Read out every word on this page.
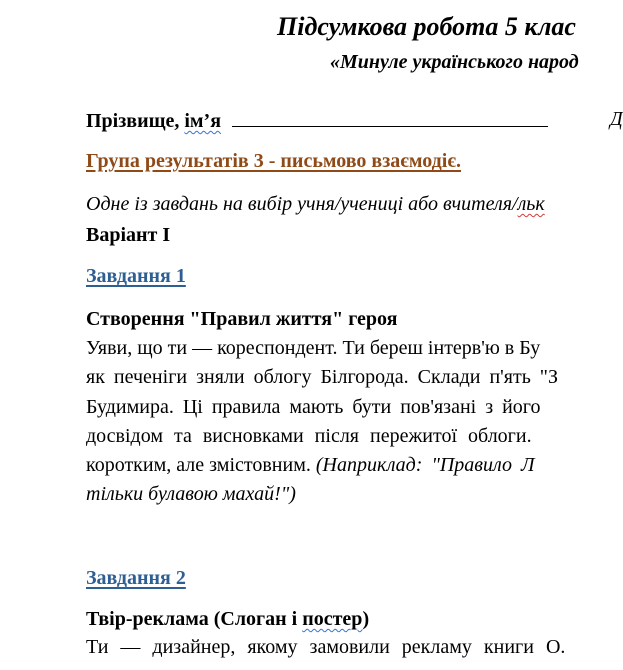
Підсумкова робота 5 клас
«Минуле українського народ
Прізвище, ім’я	Д
Група результатів 3 - письмово взаємодіє.
Одне із завдань на вибір учня/учениці або вчителя/льк
Варіант І
Завдання 1
Створення "Правил життя" героя
Уяви, що ти — кореспондент. Ти береш інтерв'ю в Бу
як печеніги зняли облогу Білгорода. Склади п'ять "З
Будимира. Ці правила мають бути пов'язані з його
досвідом та висновками після пережитої облоги.
коротким, але змістовним. (Наприклад: "Правило Л
тільки булавою махай!")
Завдання 2
Твір-реклама (Слоган і постер)
Ти — дизайнер, якому замовили рекламу книги О.
